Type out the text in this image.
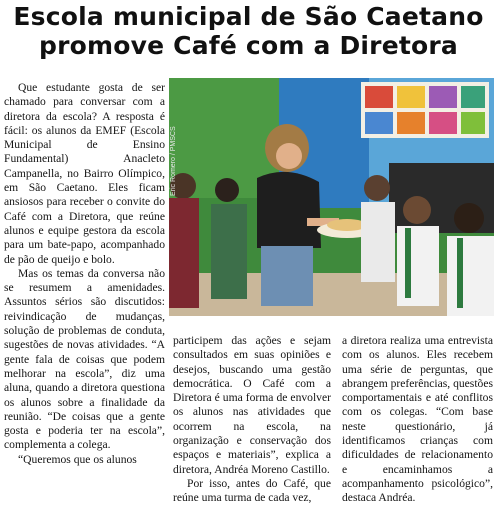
Escola municipal de São Caetano
promove Café com a Diretora

Que estudante gosta de ser chamado para conversar com a diretora da escola? A resposta é fácil: os alunos da EMEF (Escola Municipal de Ensino Fundamental) Anacleto Campanella, no Bairro Olímpico, em São Caetano. Eles ficam ansiosos para receber o convite do Café com a Diretora, que reúne alunos e equipe gestora da escola para um bate-papo, acompanhado de pão de queijo e bolo.

Mas os temas da conversa não se resumem a amenidades. Assuntos sérios são discutidos: reivindicação de mudanças, solução de problemas de conduta, sugestões de novas atividades. “A gente fala de coisas que podem melhorar na escola”, diz uma aluna, quando a diretora questiona os alunos sobre a finalidade da reunião. “De coisas que a gente gosta e poderia ter na escola”, complementa a colega.

“Queremos que os alunos

Eric Romero / PMSCS

participem das ações e sejam consultados em suas opiniões e desejos, buscando uma gestão democrática. O Café com a Diretora é uma forma de envolver os alunos nas atividades que ocorrem na escola, na organização e conservação dos espaços e materiais”, explica a diretora, Andréa Moreno Castillo.

Por isso, antes do Café, que reúne uma turma de cada vez,

a diretora realiza uma entrevista com os alunos. Eles recebem uma série de perguntas, que abrangem preferências, questões comportamentais e até conflitos com os colegas. “Com base neste questionário, já identificamos crianças com dificuldades de relacionamento e encaminhamos a acompanhamento psicológico”, destaca Andréa.
